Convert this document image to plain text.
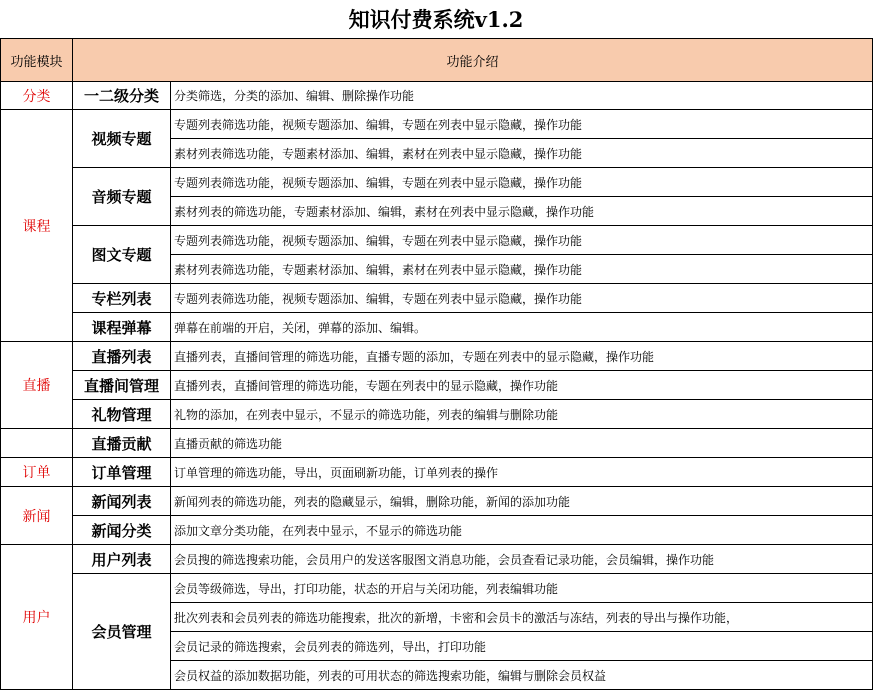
知识付费系统v1.2
功能模块	功能介绍	
分类	一二级分类	分类筛选，分类的添加、编辑、删除操作功能
课程	视频专题	专题列表筛选功能，视频专题添加、编辑，专题在列表中显示隐藏，操作功能
		素材列表筛选功能，专题素材添加、编辑，素材在列表中显示隐藏，操作功能
	音频专题	专题列表筛选功能，视频专题添加、编辑，专题在列表中显示隐藏，操作功能
		素材列表的筛选功能，专题素材添加、编辑，素材在列表中显示隐藏，操作功能
	图文专题	专题列表筛选功能，视频专题添加、编辑，专题在列表中显示隐藏，操作功能
		素材列表筛选功能，专题素材添加、编辑，素材在列表中显示隐藏，操作功能
	专栏列表	专题列表筛选功能，视频专题添加、编辑，专题在列表中显示隐藏，操作功能
	课程弹幕	弹幕在前端的开启，关闭，弹幕的添加、编辑。
直播	直播列表	直播列表，直播间管理的筛选功能，直播专题的添加，专题在列表中的显示隐藏，操作功能
	直播间管理	直播列表，直播间管理的筛选功能，专题在列表中的显示隐藏，操作功能
	礼物管理	礼物的添加，在列表中显示，不显示的筛选功能，列表的编辑与删除功能
	直播贡献	直播贡献的筛选功能
订单	订单管理	订单管理的筛选功能，导出，页面刷新功能，订单列表的操作
新闻	新闻列表	新闻列表的筛选功能，列表的隐藏显示，编辑，删除功能，新闻的添加功能
	新闻分类	添加文章分类功能，在列表中显示，不显示的筛选功能
用户	用户列表	会员搜的筛选搜索功能，会员用户的发送客服图文消息功能，会员查看记录功能，会员编辑，操作功能
	会员管理	会员等级筛选，导出，打印功能，状态的开启与关闭功能，列表编辑功能
		批次列表和会员列表的筛选功能搜索，批次的新增，卡密和会员卡的激活与冻结，列表的导出与操作功能，
		会员记录的筛选搜索，会员列表的筛选列，导出，打印功能
		会员权益的添加数据功能，列表的可用状态的筛选搜索功能，编辑与删除会员权益
